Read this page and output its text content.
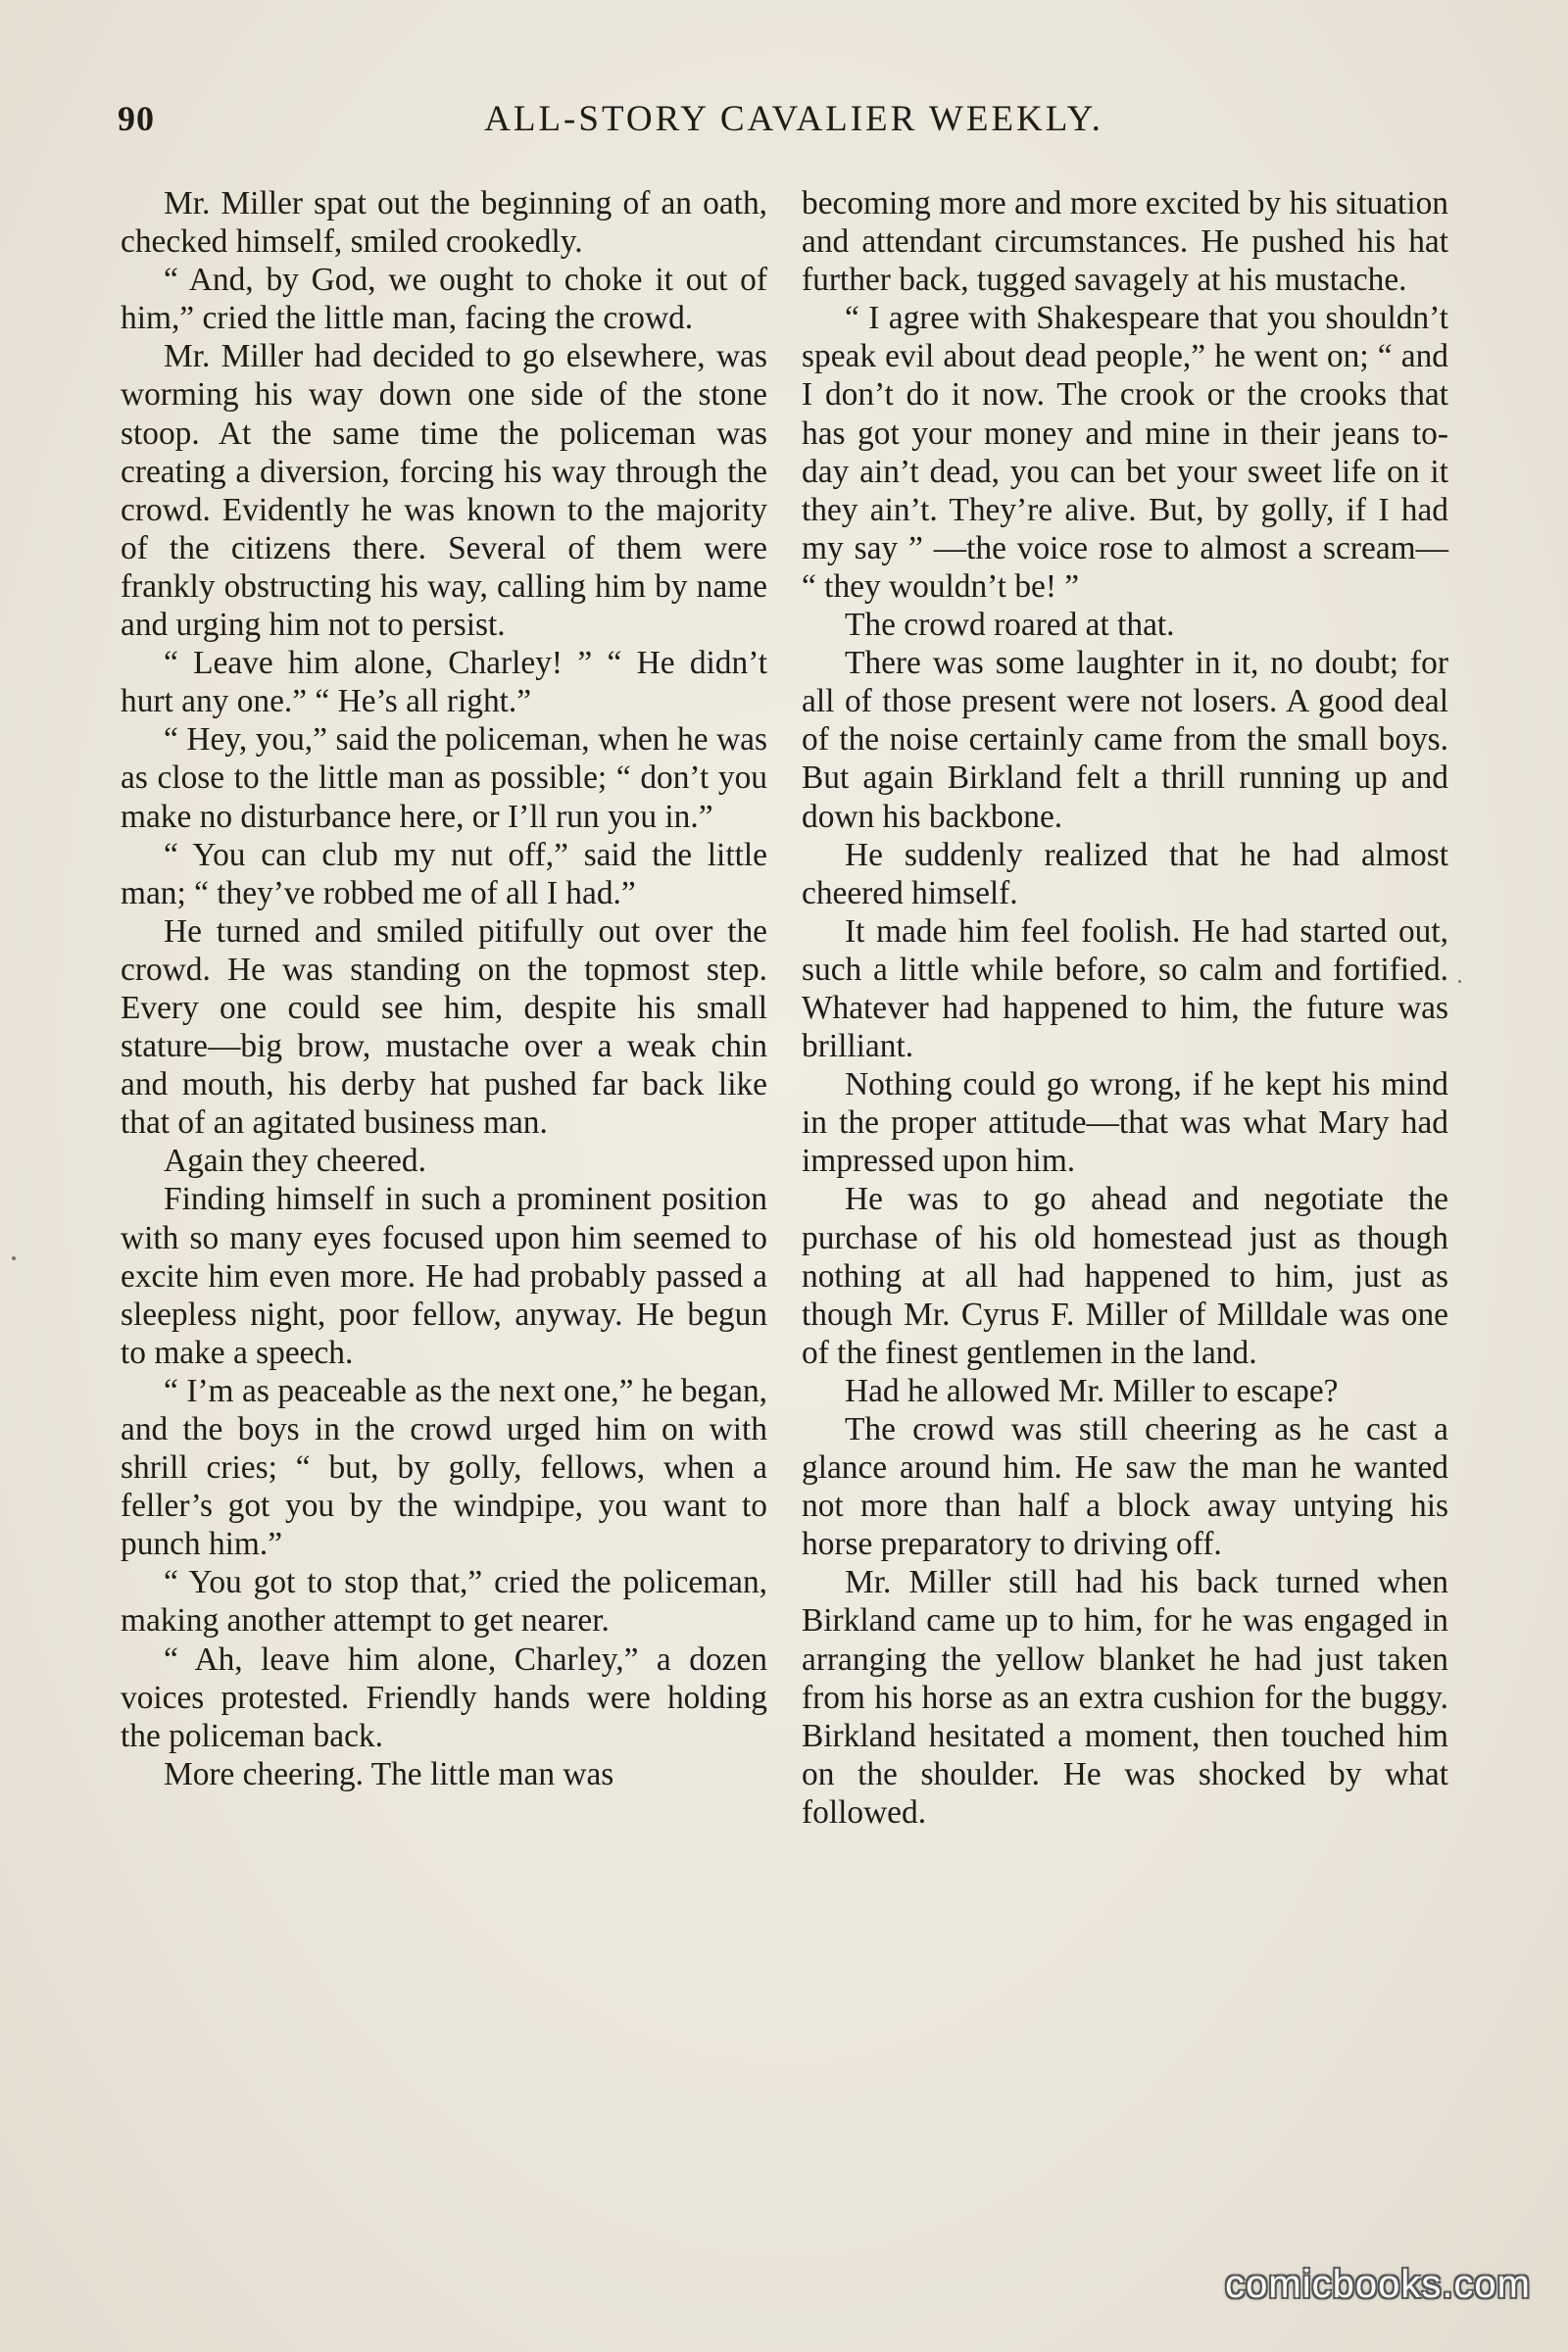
90	ALL-STORY CAVALIER WEEKLY.

Mr. Miller spat out the beginning of an oath, checked himself, smiled crookedly.

“ And, by God, we ought to choke it out of him,” cried the little man, facing the crowd.

Mr. Miller had decided to go elsewhere, was worming his way down one side of the stone stoop. At the same time the policeman was creating a diversion, forcing his way through the crowd. Evidently he was known to the majority of the citizens there. Several of them were frankly obstructing his way, calling him by name and urging him not to persist.

“ Leave him alone, Charley! ” “ He didn’t hurt any one.” “ He’s all right.”

“ Hey, you,” said the policeman, when he was as close to the little man as possible; “ don’t you make no disturbance here, or I’ll run you in.”

“ You can club my nut off,” said the little man; “ they’ve robbed me of all I had.”

He turned and smiled pitifully out over the crowd. He was standing on the topmost step. Every one could see him, despite his small stature—big brow, mustache over a weak chin and mouth, his derby hat pushed far back like that of an agitated business man.

Again they cheered.

Finding himself in such a prominent position with so many eyes focused upon him seemed to excite him even more. He had probably passed a sleepless night, poor fellow, anyway. He begun to make a speech.

“ I’m as peaceable as the next one,” he began, and the boys in the crowd urged him on with shrill cries; “ but, by golly, fellows, when a feller’s got you by the windpipe, you want to punch him.”

“ You got to stop that,” cried the policeman, making another attempt to get nearer.

“ Ah, leave him alone, Charley,” a dozen voices protested. Friendly hands were holding the policeman back.

More cheering. The little man was

becoming more and more excited by his situation and attendant circumstances. He pushed his hat further back, tugged savagely at his mustache.

“ I agree with Shakespeare that you shouldn’t speak evil about dead people,” he went on; “ and I don’t do it now. The crook or the crooks that has got your money and mine in their jeans to-day ain’t dead, you can bet your sweet life on it they ain’t. They’re alive. But, by golly, if I had my say ” —the voice rose to almost a scream— “ they wouldn’t be! ”

The crowd roared at that.

There was some laughter in it, no doubt; for all of those present were not losers. A good deal of the noise certainly came from the small boys. But again Birkland felt a thrill running up and down his backbone.

He suddenly realized that he had almost cheered himself.

It made him feel foolish. He had started out, such a little while before, so calm and fortified. Whatever had happened to him, the future was brilliant.

Nothing could go wrong, if he kept his mind in the proper attitude—that was what Mary had impressed upon him.

He was to go ahead and negotiate the purchase of his old homestead just as though nothing at all had happened to him, just as though Mr. Cyrus F. Miller of Milldale was one of the finest gentlemen in the land.

Had he allowed Mr. Miller to escape?

The crowd was still cheering as he cast a glance around him. He saw the man he wanted not more than half a block away untying his horse preparatory to driving off.

Mr. Miller still had his back turned when Birkland came up to him, for he was engaged in arranging the yellow blanket he had just taken from his horse as an extra cushion for the buggy. Birkland hesitated a moment, then touched him on the shoulder. He was shocked by what followed.

comicbooks.com
